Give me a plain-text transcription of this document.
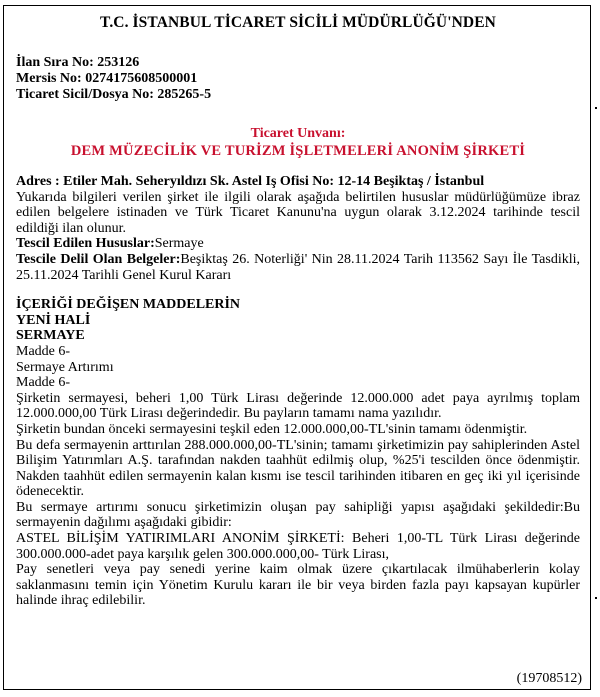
T.C. İSTANBUL TİCARET SİCİLİ MÜDÜRLÜĞÜ'NDEN
İlan Sıra No: 253126
Mersis No: 0274175608500001
Ticaret Sicil/Dosya No: 285265-5
Ticaret Unvanı:
DEM MÜZECİLİK VE TURİZM İŞLETMELERİ ANONİM ŞİRKETİ

Adres : Etiler Mah. Seheryıldızı Sk. Astel Iş Ofisi No: 12-14 Beşiktaş / İstanbul

Yukarıda bilgileri verilen şirket ile ilgili olarak aşağıda belirtilen hususlar müdürlüğümüze ibraz edilen belgelere istinaden ve Türk Ticaret Kanunu'na uygun olarak 3.12.2024 tarihinde tescil edildiği ilan olunur.

Tescil Edilen Hususlar:Sermaye

Tescile Delil Olan Belgeler:Beşiktaş 26. Noterliği' Nin 28.11.2024 Tarih 113562 Sayı İle Tasdikli, 25.11.2024 Tarihli Genel Kurul Kararı

İÇERİĞİ DEĞİŞEN MADDELERİN
YENİ HALİ
SERMAYE
Madde 6-
Sermaye Artırımı
Madde 6-

Şirketin sermayesi, beheri 1,00 Türk Lirası değerinde 12.000.000 adet paya ayrılmış toplam 12.000.000,00 Türk Lirası değerindedir. Bu payların tamamı nama yazılıdır.

Şirketin bundan önceki sermayesini teşkil eden 12.000.000,00-TL'sinin tamamı ödenmiştir.

Bu defa sermayenin arttırılan 288.000.000,00-TL'sinin; tamamı şirketimizin pay sahiplerinden Astel Bilişim Yatırımları A.Ş. tarafından nakden taahhüt edilmiş olup, %25'i tescilden önce ödenmiştir. Nakden taahhüt edilen sermayenin kalan kısmı ise tescil tarihinden itibaren en geç iki yıl içerisinde ödenecektir.

Bu sermaye artırımı sonucu şirketimizin oluşan pay sahipliği yapısı aşağıdaki şekildedir:Bu sermayenin dağılımı aşağıdaki gibidir:

ASTEL BİLİŞİM YATIRIMLARI ANONİM ŞİRKETİ: Beheri 1,00-TL Türk Lirası değerinde 300.000.000-adet paya karşılık gelen 300.000.000,00- Türk Lirası,

Pay senetleri veya pay senedi yerine kaim olmak üzere çıkartılacak ilmühaberlerin kolay saklanmasını temin için Yönetim Kurulu kararı ile bir veya birden fazla payı kapsayan kupürler halinde ihraç edilebilir.

(19708512)
